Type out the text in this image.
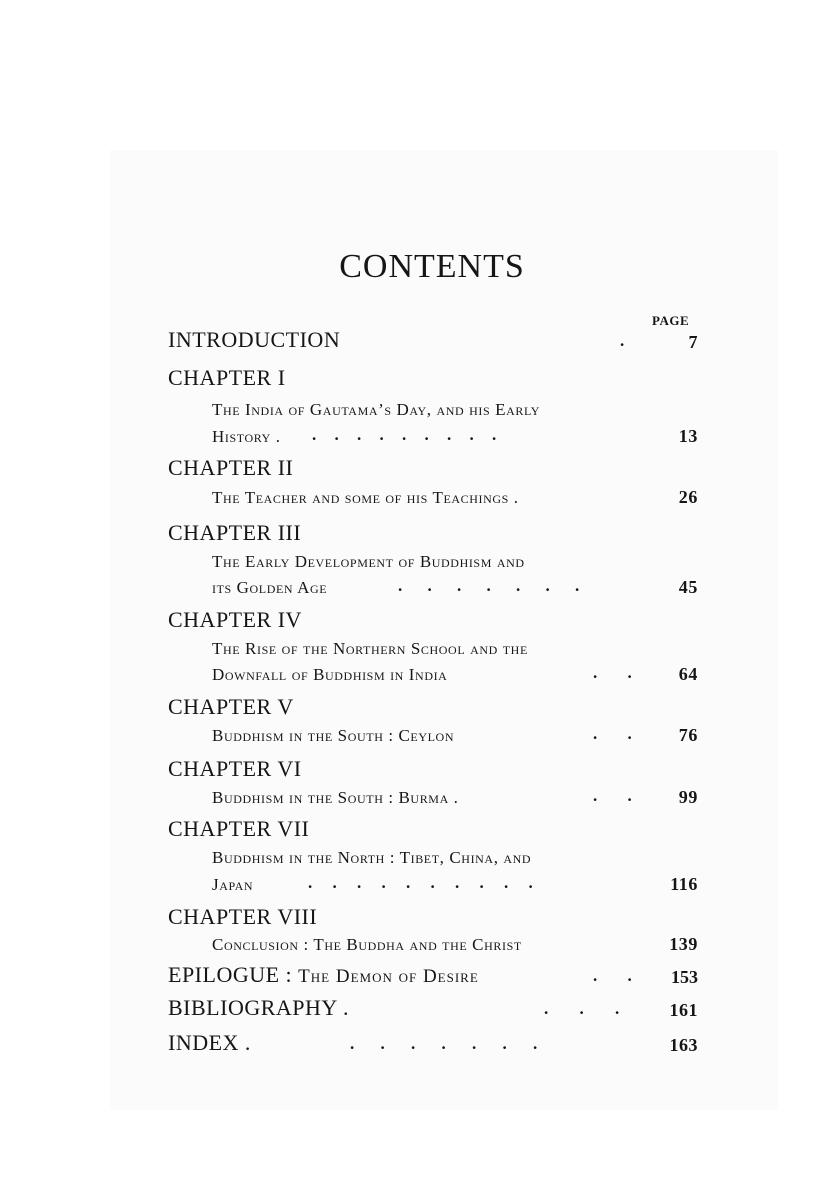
CONTENTS
PAGE
INTRODUCTION	.	7
CHAPTER I
The India of Gautama’s Day, and his Early
History . . . . . . . . . .	13
CHAPTER II
The Teacher and some of his Teachings .	26
CHAPTER III
The Early Development of Buddhism and
its Golden Age	. . . . . . .	45
CHAPTER IV
The Rise of the Northern School and the
Downfall of Buddhism in India	. .	64
CHAPTER V
Buddhism in the South : Ceylon	. .	76
CHAPTER VI
Buddhism in the South : Burma .	. .	99
CHAPTER VII
Buddhism in the North : Tibet, China, and
Japan	. . . . . . . . . .	116
CHAPTER VIII
Conclusion : The Buddha and the Christ	139
EPILOGUE : The Demon of Desire	. . 153
BIBLIOGRAPHY .	. . .	161
INDEX .	. . . . . . .	163
